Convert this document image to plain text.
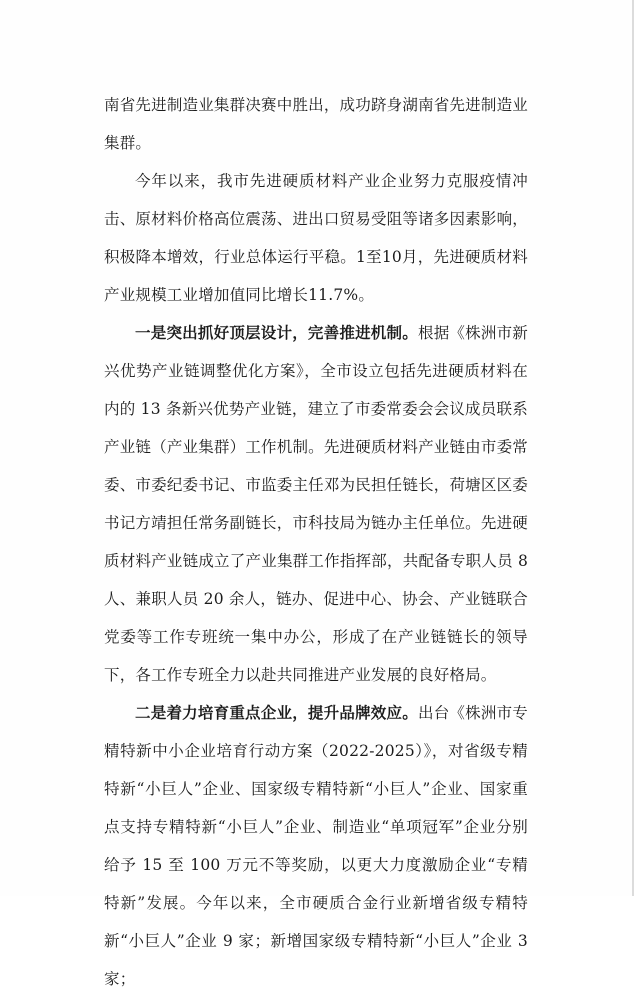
南省先进制造业集群决赛中胜出，成功跻身湖南省先进制造业集群。

今年以来，我市先进硬质材料产业企业努力克服疫情冲击、原材料价格高位震荡、进出口贸易受阻等诸多因素影响，积极降本增效，行业总体运行平稳。1至10月，先进硬质材料产业规模工业增加值同比增长11.7%。

一是突出抓好顶层设计，完善推进机制。根据《株洲市新兴优势产业链调整优化方案》，全市设立包括先进硬质材料在内的 13 条新兴优势产业链，建立了市委常委会会议成员联系产业链（产业集群）工作机制。先进硬质材料产业链由市委常委、市委纪委书记、市监委主任邓为民担任链长，荷塘区区委书记方靖担任常务副链长，市科技局为链办主任单位。先进硬质材料产业链成立了产业集群工作指挥部，共配备专职人员 8 人、兼职人员 20 余人，链办、促进中心、协会、产业链联合党委等工作专班统一集中办公，形成了在产业链链长的领导下，各工作专班全力以赴共同推进产业发展的良好格局。

二是着力培育重点企业，提升品牌效应。出台《株洲市专精特新中小企业培育行动方案（2022-2025）》，对省级专精特新“小巨人”企业、国家级专精特新“小巨人”企业、国家重点支持专精特新“小巨人”企业、制造业“单项冠军”企业分别给予 15 至 100 万元不等奖励，以更大力度激励企业“专精特新”发展。今年以来，全市硬质合金行业新增省级专精特新“小巨人”企业 9 家；新增国家级专精特新“小巨人”企业 3 家；
